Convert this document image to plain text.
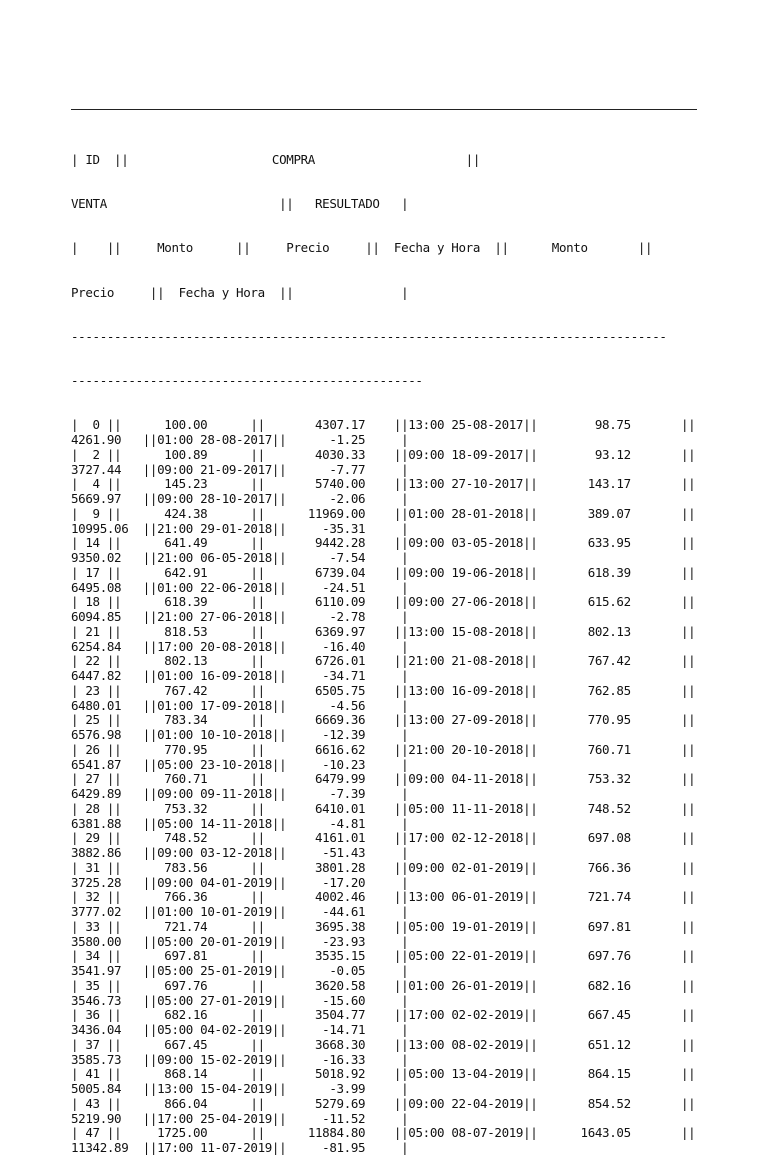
| ID  ||                    COMPRA                     ||

VENTA                        ||   RESULTADO   |

|    ||     Monto      ||     Precio     ||  Fecha y Hora  ||      Monto       ||

Precio     ||  Fecha y Hora  ||               |

-----------------------------------------------------------------------------------

-------------------------------------------------

|  0 ||      100.00      ||       4307.17    ||13:00 25-08-2017||        98.75       ||
4261.90   ||01:00 28-08-2017||      -1.25     |
|  2 ||      100.89      ||       4030.33    ||09:00 18-09-2017||        93.12       ||
3727.44   ||09:00 21-09-2017||      -7.77     |
|  4 ||      145.23      ||       5740.00    ||13:00 27-10-2017||       143.17       ||
5669.97   ||09:00 28-10-2017||      -2.06     |
|  9 ||      424.38      ||      11969.00    ||01:00 28-01-2018||       389.07       ||
10995.06  ||21:00 29-01-2018||     -35.31     |
| 14 ||      641.49      ||       9442.28    ||09:00 03-05-2018||       633.95       ||
9350.02   ||21:00 06-05-2018||      -7.54     |
| 17 ||      642.91      ||       6739.04    ||09:00 19-06-2018||       618.39       ||
6495.08   ||01:00 22-06-2018||     -24.51     |
| 18 ||      618.39      ||       6110.09    ||09:00 27-06-2018||       615.62       ||
6094.85   ||21:00 27-06-2018||      -2.78     |
| 21 ||      818.53      ||       6369.97    ||13:00 15-08-2018||       802.13       ||
6254.84   ||17:00 20-08-2018||     -16.40     |
| 22 ||      802.13      ||       6726.01    ||21:00 21-08-2018||       767.42       ||
6447.82   ||01:00 16-09-2018||     -34.71     |
| 23 ||      767.42      ||       6505.75    ||13:00 16-09-2018||       762.85       ||
6480.01   ||01:00 17-09-2018||      -4.56     |
| 25 ||      783.34      ||       6669.36    ||13:00 27-09-2018||       770.95       ||
6576.98   ||01:00 10-10-2018||     -12.39     |
| 26 ||      770.95      ||       6616.62    ||21:00 20-10-2018||       760.71       ||
6541.87   ||05:00 23-10-2018||     -10.23     |
| 27 ||      760.71      ||       6479.99    ||09:00 04-11-2018||       753.32       ||
6429.89   ||09:00 09-11-2018||      -7.39     |
| 28 ||      753.32      ||       6410.01    ||05:00 11-11-2018||       748.52       ||
6381.88   ||05:00 14-11-2018||      -4.81     |
| 29 ||      748.52      ||       4161.01    ||17:00 02-12-2018||       697.08       ||
3882.86   ||09:00 03-12-2018||     -51.43     |
| 31 ||      783.56      ||       3801.28    ||09:00 02-01-2019||       766.36       ||
3725.28   ||09:00 04-01-2019||     -17.20     |
| 32 ||      766.36      ||       4002.46    ||13:00 06-01-2019||       721.74       ||
3777.02   ||01:00 10-01-2019||     -44.61     |
| 33 ||      721.74      ||       3695.38    ||05:00 19-01-2019||       697.81       ||
3580.00   ||05:00 20-01-2019||     -23.93     |
| 34 ||      697.81      ||       3535.15    ||05:00 22-01-2019||       697.76       ||
3541.97   ||05:00 25-01-2019||      -0.05     |
| 35 ||      697.76      ||       3620.58    ||01:00 26-01-2019||       682.16       ||
3546.73   ||05:00 27-01-2019||     -15.60     |
| 36 ||      682.16      ||       3504.77    ||17:00 02-02-2019||       667.45       ||
3436.04   ||05:00 04-02-2019||     -14.71     |
| 37 ||      667.45      ||       3668.30    ||13:00 08-02-2019||       651.12       ||
3585.73   ||09:00 15-02-2019||     -16.33     |
| 41 ||      868.14      ||       5018.92    ||05:00 13-04-2019||       864.15       ||
5005.84   ||13:00 15-04-2019||      -3.99     |
| 43 ||      866.04      ||       5279.69    ||09:00 22-04-2019||       854.52       ||
5219.90   ||17:00 25-04-2019||     -11.52     |
| 47 ||     1725.00      ||      11884.80    ||05:00 08-07-2019||      1643.05       ||
11342.89  ||17:00 11-07-2019||     -81.95     |
